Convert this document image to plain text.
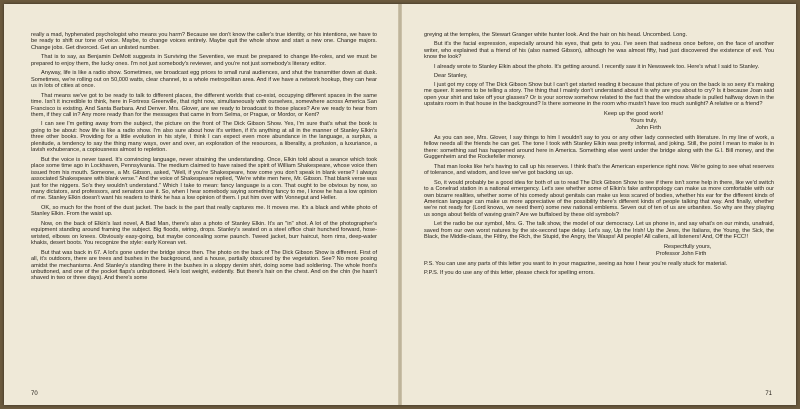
really a mad, hyphenated psychologist who means you harm? Because we don't know the caller's true identity, or his intentions, we have to be ready to shift our tone of voice. Maybe, to change voices entirely. Maybe quit the whole show and start a new one. Change majors. Change jobs. Get divorced. Get an unlisted number.

That is to say, as Benjamin DeMott suggests in Surviving the Seventies, we must be prepared to change life-roles, and we must be prepared to enjoy them, the lucky ones. I'm not just somebody's reviewer, and you're not just somebody's literary editor.

Anyway, life is like a radio show. Sometimes, we broadcast egg prices to small rural audiences, and shut the transmitter down at dusk. Sometimes, we're rolling out on 50,000 watts, clear channel, to a whole metropolitan area. And if we have a network hookup, they can hear us in lots of cities at once.

That means we've got to be ready to talk to different places, the different worlds that co-exist, occupying different spaces in the same time. Isn't it incredible to think, here in Fortress Greenville, that right now, simultaneously with ourselves, somewhere across America San Francisco is existing. And Santa Barbara. And Denver. Mrs. Glover, are we ready to broadcast to those places? Are we ready to hear from them, if they call in? Any more ready than for the messages that came in from Selma, or Prague, or Mordor, or Kent?

I can see I'm getting away from the subject, the picture on the front of The Dick Gibson Show. Yes, I'm sure that's what the book is going to be about: how life is like a radio show. I'm also sure about how it's written, if it's anything at all in the manner of Stanley Elkin's three other books. Providing for a little evolution in his style, I think I can expect even more abundance in the language, a surplus, a plenitude, a tendency to say the thing many ways, over and over, an exploration of the resources, a liberality, a profusion, a luxuriance, a lavish exhuberance, a copiousness almost to repletion.

But the voice is never taxed. It's convincing language, never straining the understanding. Once, Elkin told about a seance which took place some time ago in Lockhaven, Pennsylvania. The medium claimed to have raised the spirit of William Shakespeare, whose voice then issued from his mouth. Someone, a Mr. Gibson, asked, "Well, if you're Shakespeare, how come you don't speak in blank verse? I always associated Shakespeare with blank verse." And the voice of Shakespeare replied, "We're white men here, Mr. Gibson. That blank verse was just for the niggers. So's they wouldn't understand." Which I take to mean: fancy language is a con. That ought to be obvious by now, so many dictators, and professors, and senators use it. So, when I hear somebody saying something fancy to me, I know he has a low opinion of me. Stanley Elkin doesn't want his readers to think he has a low opinion of them. I put him over with Vonnegut and Heller.

OK, so much for the front of the dust jacket. The back is the part that really captures me. It moves me. It's a black and white photo of Stanley Elkin. From the waist up.

Now, on the back of Elkin's last novel, A Bad Man, there's also a photo of Stanley Elkin. It's an "in" shot. A lot of the photographer's equipment standing around framing the subject. Big floods, wiring, drops. Stanley's seated on a steel office chair hunched forward, hose-wristed, elbows on knees. Obviously easy-going, but maybe concealing some paunch. Tweed jacket, burr haircut, horn rims, deep-water khakis, desert boots. You recognize the style: early Korean vet.

But that was back in 67. A lot's gone under the bridge since then. The photo on the back of The Dick Gibson Show is different. First of all, it's outdoors, there are trees and bushes in the background, and a house, partially obscured by the vegetation. See? No more posing amidst the mechanisms. And Stanley's standing there in the bushes in a sloppy denim shirt, doing some bad soldiering. The whole front's unbuttoned, and one of the pocket flaps's unbuttoned. He's lost weight, evidently. But there's hair on the chest. And on the chin (he hasn't shaved in two or three days). And there's some

70

greying at the temples, the Stewart Granger white hunter look. And the hair on his head. Uncombed. Long.

But it's the facial expression, especially around his eyes, that gets to you. I've seen that sadness once before, on the face of another writer, who explained that a friend of his (also named Gibson), although he was almost fifty, had just discovered the existence of evil. You know the look?

I already wrote to Stanley Elkin about the photo. It's getting around. I recently saw it in Newsweek too. Here's what I said to Stanley.

Dear Stanley,

I just got my copy of The Dick Gibson Show but I can't get started reading it because that picture of you on the back is so sexy it's making me queer. It seems to be telling a story. The thing that I mainly don't understand about it is why are you about to cry? Is it because Joan said open your shirt and take off your glasses? Or is your sorrow somehow related to the fact that the window shade is pulled halfway down in the upstairs room in that house in the background? Is there someone in the room who mustn't have too much sunlight? A relative or a friend?

Keep up the good work!

Yours truly,

John Firth

As you can see, Mrs. Glover, I say things to him I wouldn't say to you or any other lady connected with literature. In my line of work, a fellow needs all the friends he can get. The tone I took with Stanley Elkin was pretty informal, and joking. Still, the point I mean to make is in there: something sad has happened around here in America. Something else went under the bridge along with the G.I. Bill money, and the Guggenheim and the Rockefeller money.

That man looks like he's having to call up his reserves. I think that's the American experience right now. We're going to see what reserves of tolerance, and wisdom, and love we've got backing us up.

So, it would probably be a good idea for both of us to read The Dick Gibson Show to see if there isn't some help in there, like we'd switch to a Conelrad station in a national emergency. Let's see whether some of Elkin's fake anthropology can make us more comfortable with our own bizarre realities, whether some of his comedy about genitals can make us less scared of bodies, whether his ear for the different kinds of American language can make us more appreciative of the possibility there's different kinds of people talking that way. And finally, whether we're not ready for (Lord knows, we need them) some new national emblems. Seven out of ten of us are urbanites. So why are they playing us songs about fields of waving grain? Are we buffaloed by these old symbols?

Let the radio be our symbol, Mrs. G. The talk show, the model of our democracy. Let us phone in, and say what's on our minds, unafraid, saved from our own worst natures by the six-second tape delay. Let's say, Up the Irish! Up the Jews, the Italians, the Young, the Sick, the Black, the Middle-class, the Filthy, the Rich, the Stupid, the Angry, the Wasps! All people! All callers, all listeners! And, Off the FCC!!

Respectfully yours,

Professor John Firth

P.S. You can use any parts of this letter you want to in your magazine, seeing as how I hear you're really stuck for material.

P.P.S. If you do use any of this letter, please check for spelling errors.

71
